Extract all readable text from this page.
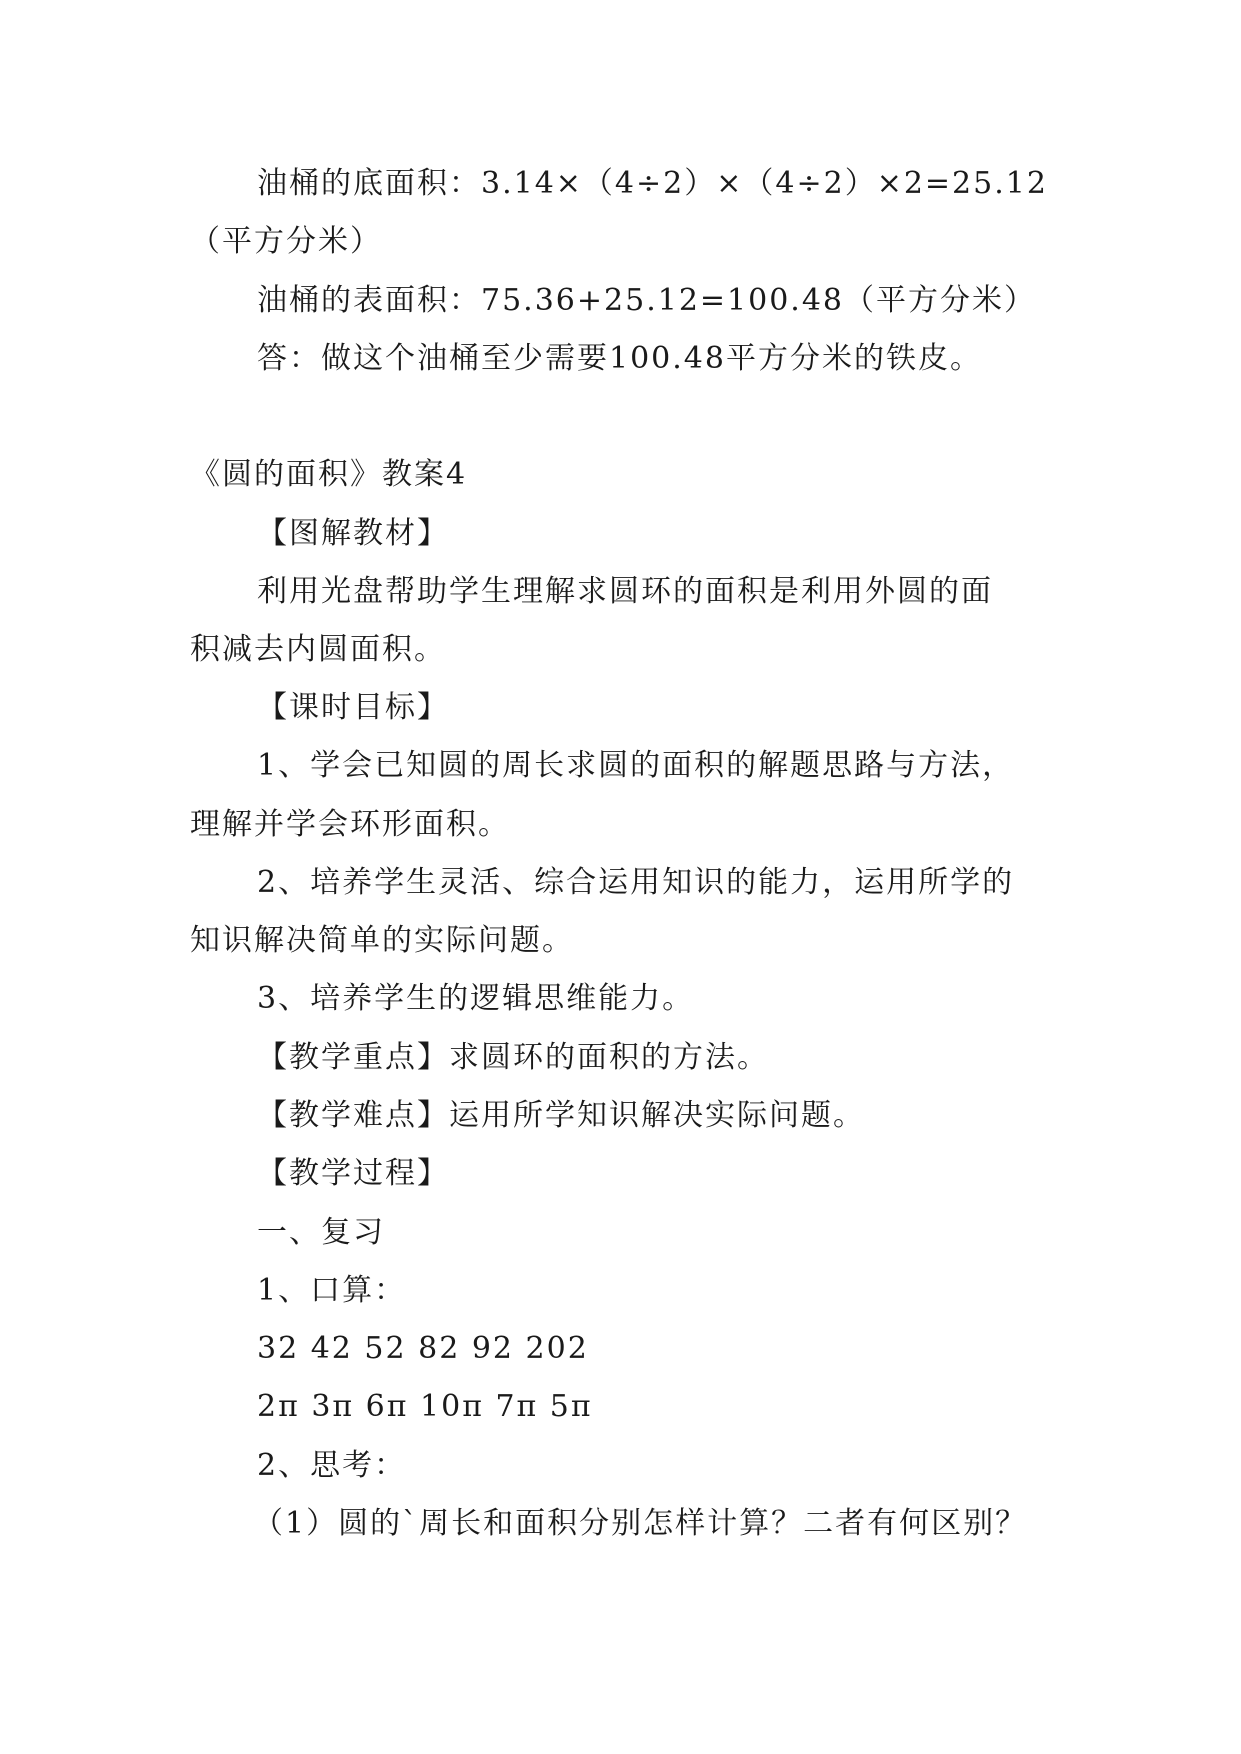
油桶的底面积：3.14×（4÷2）×（4÷2）×2=25.12
（平方分米）
油桶的表面积：75.36+25.12=100.48（平方分米）
答：做这个油桶至少需要100.48平方分米的铁皮。
《圆的面积》教案4
【图解教材】
利用光盘帮助学生理解求圆环的面积是利用外圆的面
积减去内圆面积。
【课时目标】
1、学会已知圆的周长求圆的面积的解题思路与方法，
理解并学会环形面积。
2、培养学生灵活、综合运用知识的能力，运用所学的
知识解决简单的实际问题。
3、培养学生的逻辑思维能力。
【教学重点】求圆环的面积的方法。
【教学难点】运用所学知识解决实际问题。
【教学过程】
一、复习
1、口算：
32 42 52 82 92 202
2π 3π 6π 10π 7π 5π
2、思考：
（1）圆的`周长和面积分别怎样计算？二者有何区别？
